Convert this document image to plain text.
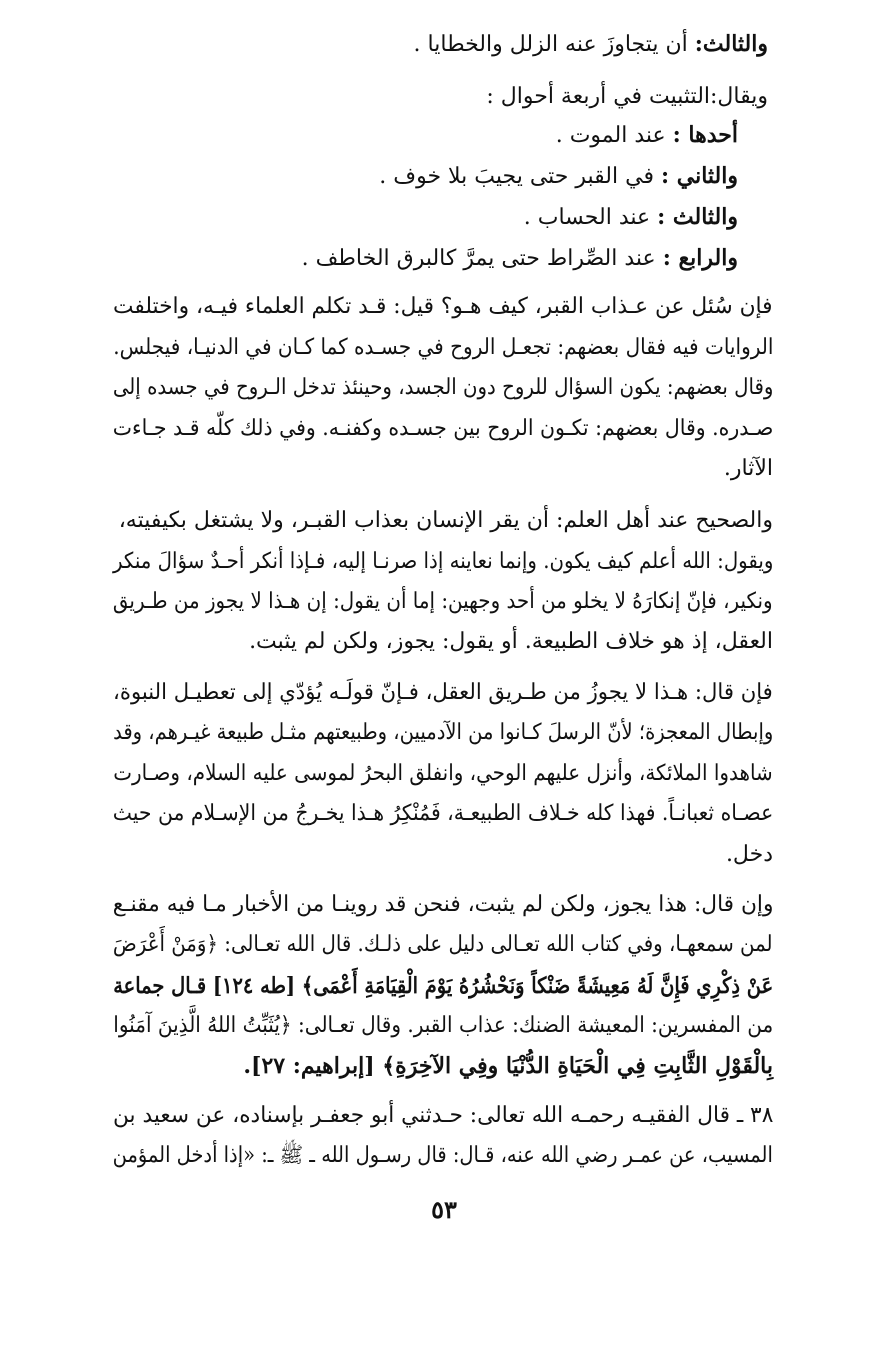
والثالث: أن يتجاوزَ عنه الزلل والخطايا .
ويقال:التثبيت في أربعة أحوال :
أحدها : عند الموت .
والثاني : في القبر حتى يجيبَ بلا خوف .
والثالث : عند الحساب .
والرابع : عند الصِّراط حتى يمرَّ كالبرق الخاطف .
فإن سُئل عن عـذاب القبر، كيف هـو؟ قيل: قـد تكلم العلماء فيـه، واختلفت
الروايات فيه فقال بعضهم: تجعـل الروح في جسـده كما كـان في الدنيـا، فيجلس.
وقال بعضهم: يكون السؤال للروح دون الجسد، وحينئذ تدخل الـروح في جسده إلى
صـدره. وقال بعضهم: تكـون الروح بين جسـده وكفنـه. وفي ذلك كلّه قـد جـاءت
الآثار.
والصحيح عند أهل العلم: أن يقر الإنسان بعذاب القبـر، ولا يشتغل بكيفيته،
ويقول: الله أعلم كيف يكون. وإنما نعاينه إذا صرنـا إليه، فـإذا أنكر أحـدٌ سؤالَ منكر
ونكير، فإنّ إنكارَهُ لا يخلو من أحد وجهين: إما أن يقول: إن هـذا لا يجوز من طـريق
العقل، إذ هو خلاف الطبيعة. أو يقول: يجوز، ولكن لم يثبت.
فإن قال: هـذا لا يجوزُ من طـريق العقل، فـإنّ قولَـه يُؤدّي إلى تعطيـل النبوة،
وإبطال المعجزة؛ لأنّ الرسلَ كـانوا من الآدميين، وطبيعتهم مثـل طبيعة غيـرهم، وقد
شاهدوا الملائكة، وأنزل عليهم الوحي، وانفلق البحرُ لموسى عليه السلام، وصـارت
عصـاه ثعبانـاً. فهذا كله خـلاف الطبيعـة، فَمُنْكِرُ هـذا يخـرجُ من الإسـلام من حيث
دخل.
وإن قال: هذا يجوز، ولكن لم يثبت، فنحن قد روينـا من الأخبار مـا فيه مقنـع
لمن سمعهـا، وفي كتاب الله تعـالى دليل على ذلـك. قال الله تعـالى: ﴿وَمَنْ أَعْرَضَ
عَنْ ذِكْرِي فَإِنَّ لَهُ مَعِيشَةً ضَنْكاً وَنَحْشُرُهُ يَوْمَ الْقِيَامَةِ أَعْمَى﴾ [طه ١٢٤] قـال جماعة
من المفسرين: المعيشة الضنك: عذاب القبر. وقال تعـالى: ﴿يُثَبِّتُ اللهُ الَّذِينَ آمَنُوا
بِالْقَوْلِ الثَّابِتِ فِي الْحَيَاةِ الدُّنْيَا وفِي الآخِرَةِ﴾ [إبراهيم: ٢٧].
٣٨ ـ قال الفقيـه رحمـه الله تعالى: حـدثني أبو جعفـر بإسناده، عن سعيد بن
المسيب، عن عمـر رضي الله عنه، قـال: قال رسـول الله ـ ﷺ ـ: «إذا أدخل المؤمن
٥٣
